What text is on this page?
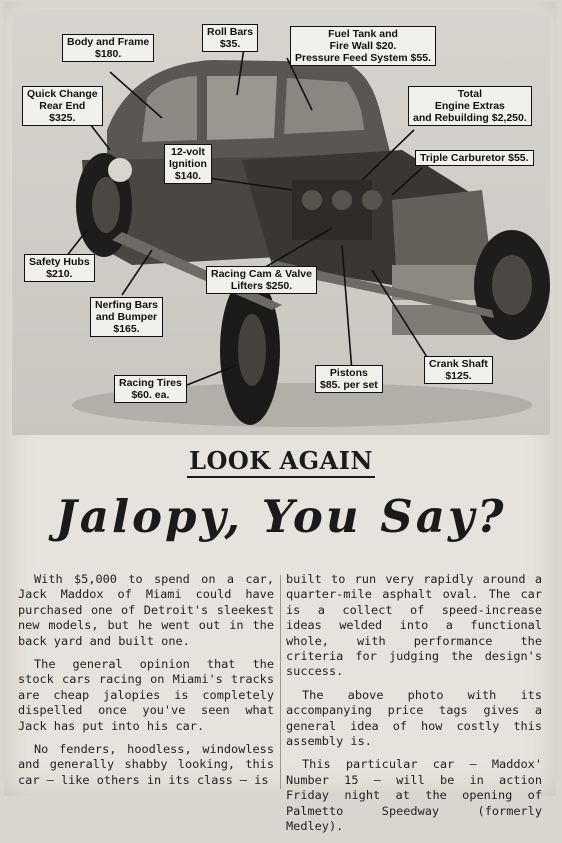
Body and Frame
$180.
Roll Bars
$35.
Fuel Tank and
Fire Wall $20.
Pressure Feed System $55.
Quick Change
Rear End
$325.
Total
Engine Extras
and Rebuilding $2,250.
12-volt
Ignition
$140.
Triple Carburetor $55.
Safety Hubs
$210.	Racing Cam & Valve
Lifters $250.
Nerfing Bars
and Bumper
$165.
Crank Shaft
$125.
Racing Tires
$60. ea.
Pistons
$85. per set
LOOK AGAIN
Jalopy, You Say?

With $5,000 to spend on a car, Jack Maddox of Miami could have purchased one of Detroit's sleekest new models, but he went out in the back yard and built one.

The general opinion that the stock cars racing on Miami's tracks are cheap jalopies is completely dispelled once you've seen what Jack has put into his car.

No fenders, hoodless, windowless and generally shabby looking, this car — like others in its class — is

built to run very rapidly around a quarter-mile asphalt oval. The car is a collect of speed-increase ideas welded into a functional whole, with performance the criteria for judging the design's success.

The above photo with its accompanying price tags gives a general idea of how costly this assembly is.

This particular car — Maddox' Number 15 — will be in action Friday night at the opening of Palmetto Speedway (formerly Medley).
